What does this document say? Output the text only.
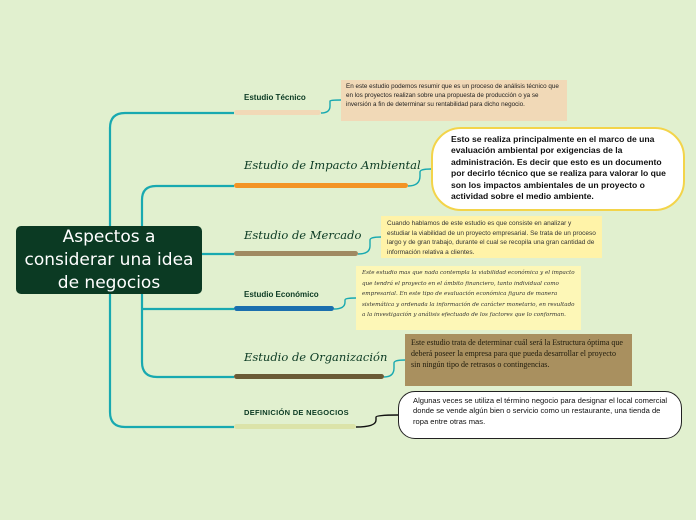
Aspectos a considerar una idea de negocios
Estudio Técnico
Estudio de Impacto Ambiental
Estudio de Mercado
Estudio Económico
Estudio de Organización
DEFINICIÓN DE NEGOCIOS
En este estudio podemos resumir que es un proceso de análisis técnico que en los proyectos realizan sobre una propuesta de producción o ya se inversión a fin de determinar su rentabilidad para dicho negocio.
Esto se realiza principalmente en el marco de una evaluación ambiental por exigencias de la administración. Es decir que esto es un documento por decirlo técnico que se realiza para valorar lo que son los impactos ambientales de un proyecto o actividad sobre el medio ambiente.
Cuando hablamos de este estudio es que consiste en analizar y estudiar la viabilidad de un proyecto empresarial. Se trata de un proceso largo y de gran trabajo, durante el cual se recopila una gran cantidad de información relativa a clientes.
Este estudio mas que nada contempla la viabilidad económica y el impacto que tendrá el proyecto en el ámbito financiero, tanto individual como empresarial. En este tipo de evaluación económica figura de manera sistemática y ordenada la información de carácter monetario, en resultado a la investigación y análisis efectuado de los factores que lo conforman.
Este estudio trata de determinar cuál será la Estructura óptima que deberá poseer la empresa para que pueda desarrollar el proyecto sin ningún tipo de retrasos o contingencias.
Algunas veces se utiliza el término negocio para designar el local comercial donde se vende algún bien o servicio como un restaurante, una tienda de ropa entre otras mas.
